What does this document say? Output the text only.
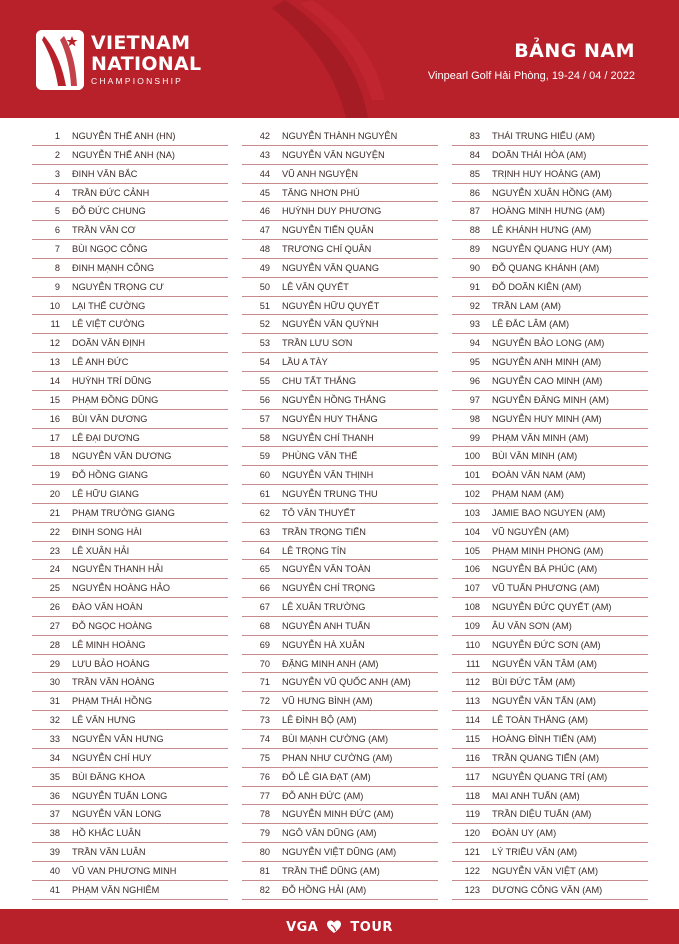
VIETNAM
NATIONAL
CHAMPIONSHIP
BẢNG NAM
Vinpearl Golf Hải Phòng, 19-24 / 04 / 2022
1 NGUYỄN THẾ ANH (HN)
2 NGUYỄN THẾ ANH (NA)
3 ĐINH VĂN BẮC
4 TRẦN ĐỨC CẢNH
5 ĐỖ ĐỨC CHUNG
6 TRẦN VĂN CƠ
7 BÙI NGỌC CÔNG
8 ĐINH MẠNH CÔNG
9 NGUYỄN TRỌNG CƯ
10 LẠI THẾ CƯỜNG
11 LÊ VIỆT CƯỜNG
12 DOÃN VĂN ĐỊNH
13 LÊ ANH ĐỨC
14 HUỲNH TRÍ DŨNG
15 PHẠM ĐỒNG DŨNG
16 BÙI VĂN DƯƠNG
17 LÊ ĐẠI DƯƠNG
18 NGUYỄN VĂN DƯƠNG
19 ĐỖ HỒNG GIANG
20 LÊ HỮU GIANG
21 PHẠM TRƯỜNG GIANG
22 ĐINH SONG HÀI
23 LÊ XUÂN HẢI
24 NGUYỄN THANH HẢI
25 NGUYỄN HOÀNG HẢO
26 ĐÀO VĂN HOÀN
27 ĐỖ NGỌC HOÀNG
28 LÊ MINH HOÀNG
29 LƯU BẢO HOÀNG
30 TRẦN VĂN HOÀNG
31 PHẠM THÁI HỒNG
32 LÊ VĂN HƯNG
33 NGUYỄN VĂN HƯNG
34 NGUYỄN CHÍ HUY
35 BÙI ĐĂNG KHOA
36 NGUYỄN TUẤN LONG
37 NGUYỄN VĂN LONG
38 HỒ KHẮC LUÂN
39 TRẦN VĂN LUÂN
40 VŨ VAN PHƯƠNG MINH
41 PHẠM VĂN NGHIÊM
42 NGUYỄN THÀNH NGUYÊN
43 NGUYỄN VĂN NGUYỆN
44 VŨ ANH NGUYỆN
45 TĂNG NHƠN PHÚ
46 HUỲNH DUY PHƯƠNG
47 NGUYỄN TIẾN QUÂN
48 TRƯƠNG CHÍ QUÂN
49 NGUYỄN VĂN QUANG
50 LÊ VĂN QUYẾT
51 NGUYỄN HỮU QUYẾT
52 NGUYỄN VĂN QUỲNH
53 TRẦN LƯU SƠN
54 LẦU A TÀY
55 CHU TẤT THẮNG
56 NGUYỄN HỒNG THẮNG
57 NGUYỄN HUY THẮNG
58 NGUYỄN CHÍ THANH
59 PHÙNG VĂN THẾ
60 NGUYỄN VĂN THỊNH
61 NGUYỄN TRUNG THU
62 TÔ VĂN THUYẾT
63 TRẦN TRỌNG TIẾN
64 LÊ TRỌNG TÍN
65 NGUYỄN VĂN TOÀN
66 NGUYỄN CHÍ TRỌNG
67 LÊ XUÂN TRƯỜNG
68 NGUYỄN ANH TUẤN
69 NGUYỄN HÀ XUÂN
70 ĐẶNG MINH ANH (AM)
71 NGUYỄN VŨ QUỐC ANH (AM)
72 VŨ HƯNG BÌNH (AM)
73 LÊ ĐÌNH BỘ (AM)
74 BÙI MẠNH CƯỜNG (AM)
75 PHAN NHƯ CƯỜNG (AM)
76 ĐỖ LÊ GIA ĐẠT (AM)
77 ĐỖ ANH ĐỨC (AM)
78 NGUYỄN MINH ĐỨC (AM)
79 NGÔ VĂN DŨNG (AM)
80 NGUYỄN VIỆT DŨNG (AM)
81 TRẦN THẾ DŨNG (AM)
82 ĐỖ HỒNG HẢI (AM)
83 THÁI TRUNG HIẾU (AM)
84 DOÃN THÁI HÒA (AM)
85 TRỊNH HUY HOÀNG (AM)
86 NGUYỄN XUÂN HỒNG (AM)
87 HOÀNG MINH HƯNG (AM)
88 LÊ KHÁNH HƯNG (AM)
89 NGUYỄN QUANG HUY (AM)
90 ĐỖ QUANG KHÁNH (AM)
91 ĐỖ DOÃN KIÊN (AM)
92 TRẦN LAM (AM)
93 LÊ ĐẮC LÂM (AM)
94 NGUYỄN BẢO LONG (AM)
95 NGUYỄN ANH MINH (AM)
96 NGUYỄN CAO MINH (AM)
97 NGUYỄN ĐĂNG MINH (AM)
98 NGUYỄN HUY MINH (AM)
99 PHẠM VĂN MINH (AM)
100 BÙI VĂN MINH (AM)
101 ĐOÀN VĂN NAM (AM)
102 PHẠM NAM (AM)
103 JAMIE BAO NGUYEN (AM)
104 VŨ NGUYÊN (AM)
105 PHẠM MINH PHONG (AM)
106 NGUYỄN BÁ PHÚC (AM)
107 VŨ TUẤN PHƯƠNG (AM)
108 NGUYỄN ĐỨC QUYẾT (AM)
109 ÂU VĂN SƠN (AM)
110 NGUYỄN ĐỨC SƠN (AM)
111 NGUYỄN VĂN TÂM (AM)
112 BÙI ĐỨC TÂM (AM)
113 NGUYỄN VĂN TẤN (AM)
114 LÊ TOÀN THẮNG (AM)
115 HOÀNG ĐÌNH TIẾN (AM)
116 TRẦN QUANG TIẾN (AM)
117 NGUYỄN QUANG TRÍ (AM)
118 MAI ANH TUẤN (AM)
119 TRẦN DIỆU TUẤN (AM)
120 ĐOÀN UY (AM)
121 LÝ TRIỀU VĂN (AM)
122 NGUYỄN VĂN VIỆT (AM)
123 DƯƠNG CÔNG VĂN (AM)
VGA TOUR
